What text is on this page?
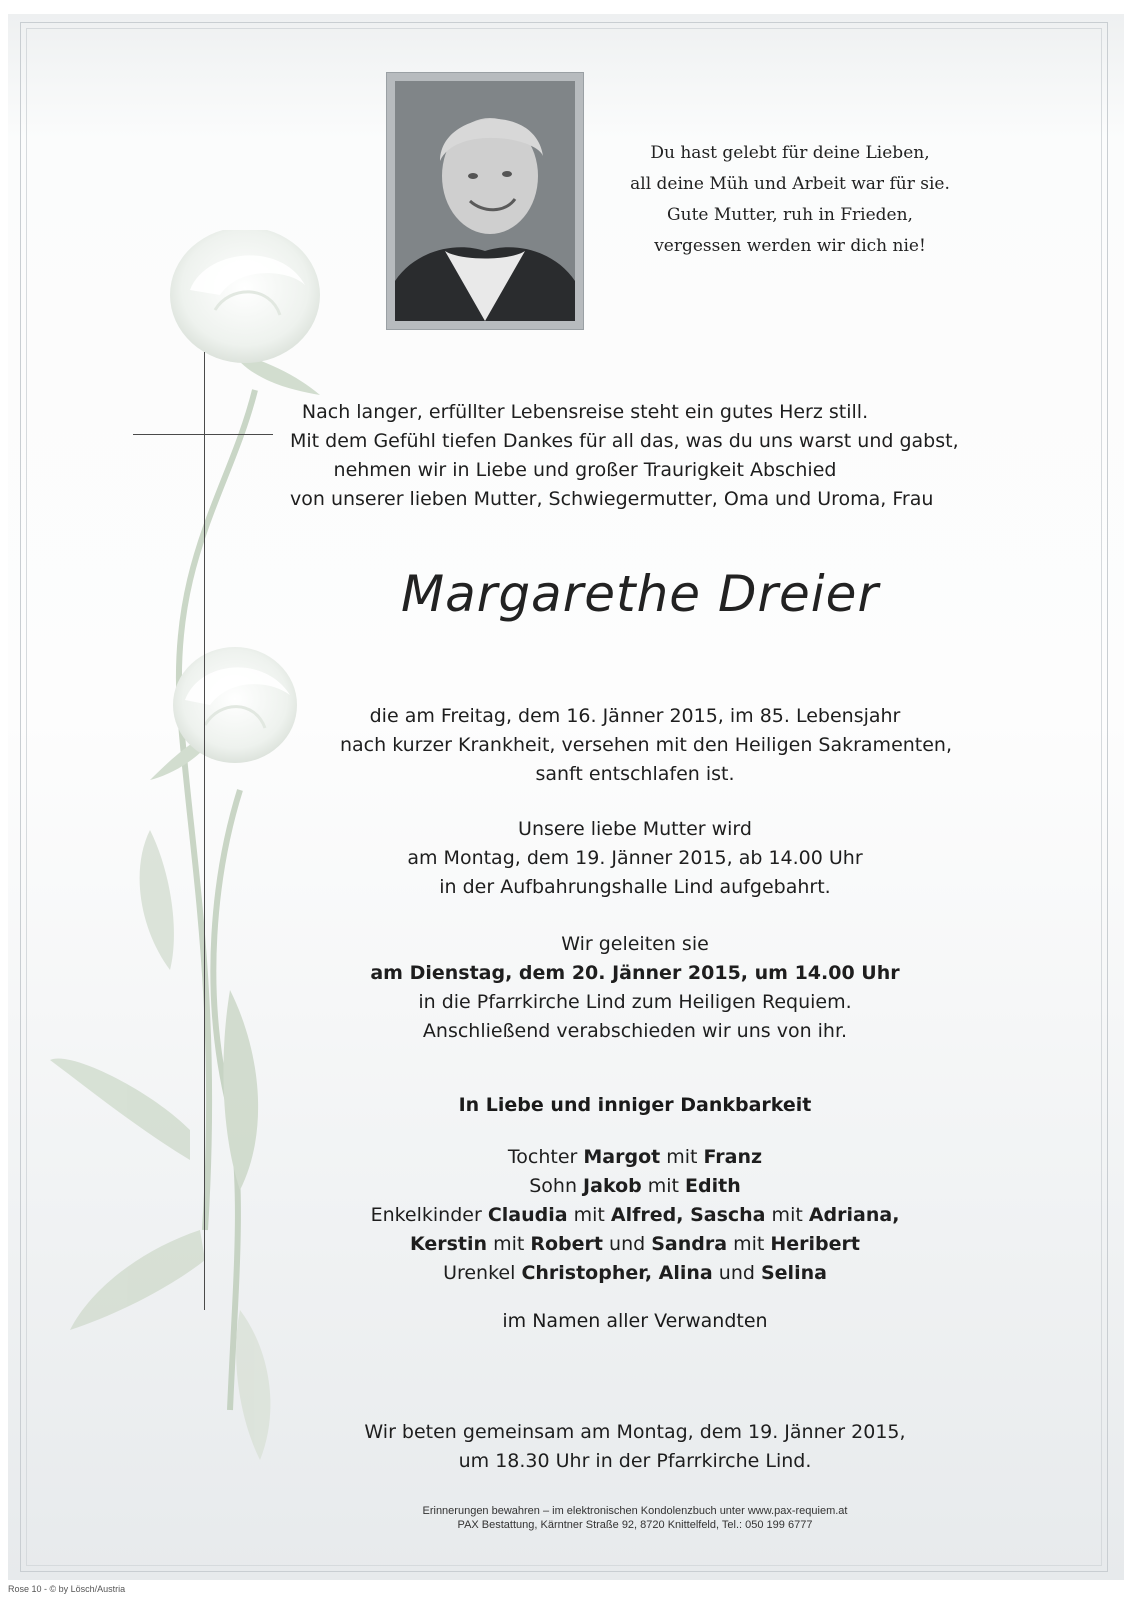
Du hast gelebt für deine Lieben,
all deine Müh und Arbeit war für sie.
Gute Mutter, ruh in Frieden,
vergessen werden wir dich nie!
Nach langer, erfüllter Lebensreise steht ein gutes Herz still.
Mit dem Gefühl tiefen Dankes für all das, was du uns warst und gabst,
nehmen wir in Liebe und großer Traurigkeit Abschied
von unserer lieben Mutter, Schwiegermutter, Oma und Uroma, Frau
Margarethe Dreier
die am Freitag, dem 16. Jänner 2015, im 85. Lebensjahr
nach kurzer Krankheit, versehen mit den Heiligen Sakramenten,
sanft entschlafen ist.
Unsere liebe Mutter wird
am Montag, dem 19. Jänner 2015, ab 14.00 Uhr
in der Aufbahrungshalle Lind aufgebahrt.
Wir geleiten sie
am Dienstag, dem 20. Jänner 2015, um 14.00 Uhr
in die Pfarrkirche Lind zum Heiligen Requiem.
Anschließend verabschieden wir uns von ihr.
In Liebe und inniger Dankbarkeit
Tochter Margot mit Franz
Sohn Jakob mit Edith
Enkelkinder Claudia mit Alfred, Sascha mit Adriana,
Kerstin mit Robert und Sandra mit Heribert
Urenkel Christopher, Alina und Selina
im Namen aller Verwandten
Wir beten gemeinsam am Montag, dem 19. Jänner 2015,
um 18.30 Uhr in der Pfarrkirche Lind.
Erinnerungen bewahren – im elektronischen Kondolenzbuch unter www.pax-requiem.at
PAX Bestattung, Kärntner Straße 92, 8720 Knittelfeld, Tel.: 050 199 6777
Rose 10 - © by Lösch/Austria
